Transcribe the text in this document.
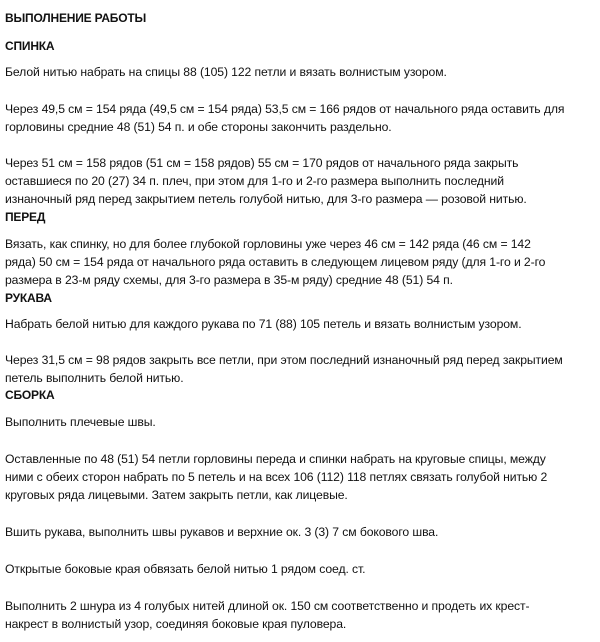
ВЫПОЛНЕНИЕ РАБОТЫ
СПИНКА
Белой нитью набрать на спицы 88 (105) 122 петли и вязать волнистым узором.
Через 49,5 см = 154 ряда (49,5 см = 154 ряда) 53,5 см = 166 рядов от начального ряда оставить для
горловины средние 48 (51) 54 п. и обе стороны закончить раздельно.
Через 51 см = 158 рядов (51 см = 158 рядов) 55 см = 170 рядов от начального ряда закрыть
оставшиеся по 20 (27) 34 п. плеч, при этом для 1-го и 2-го размера выполнить последний
изнаночный ряд перед закрытием петель голубой нитью, для 3-го размера — розовой нитью.
ПЕРЕД
Вязать, как спинку, но для более глубокой горловины уже через 46 см = 142 ряда (46 см = 142
ряда) 50 см = 154 ряда от начального ряда оставить в следующем лицевом ряду (для 1-го и 2-го
размера в 23-м ряду схемы, для 3-го размера в 35-м ряду) средние 48 (51) 54 п.
РУКАВА
Набрать белой нитью для каждого рукава по 71 (88) 105 петель и вязать волнистым узором.
Через 31,5 см = 98 рядов закрыть все петли, при этом последний изнаночный ряд перед закрытием
петель выполнить белой нитью.
СБОРКА
Выполнить плечевые швы.
Оставленные по 48 (51) 54 петли горловины переда и спинки набрать на круговые спицы, между
ними с обеих сторон набрать по 5 петель и на всех 106 (112) 118 петлях связать голубой нитью 2
круговых ряда лицевыми. Затем закрыть петли, как лицевые.
Вшить рукава, выполнить швы рукавов и верхние ок. 3 (3) 7 см бокового шва.
Открытые боковые края обвязать белой нитью 1 рядом соед. ст.
Выполнить 2 шнура из 4 голубых нитей длиной ок. 150 см соответственно и продеть их крест-
накрест в волнистый узор, соединяя боковые края пуловера.
